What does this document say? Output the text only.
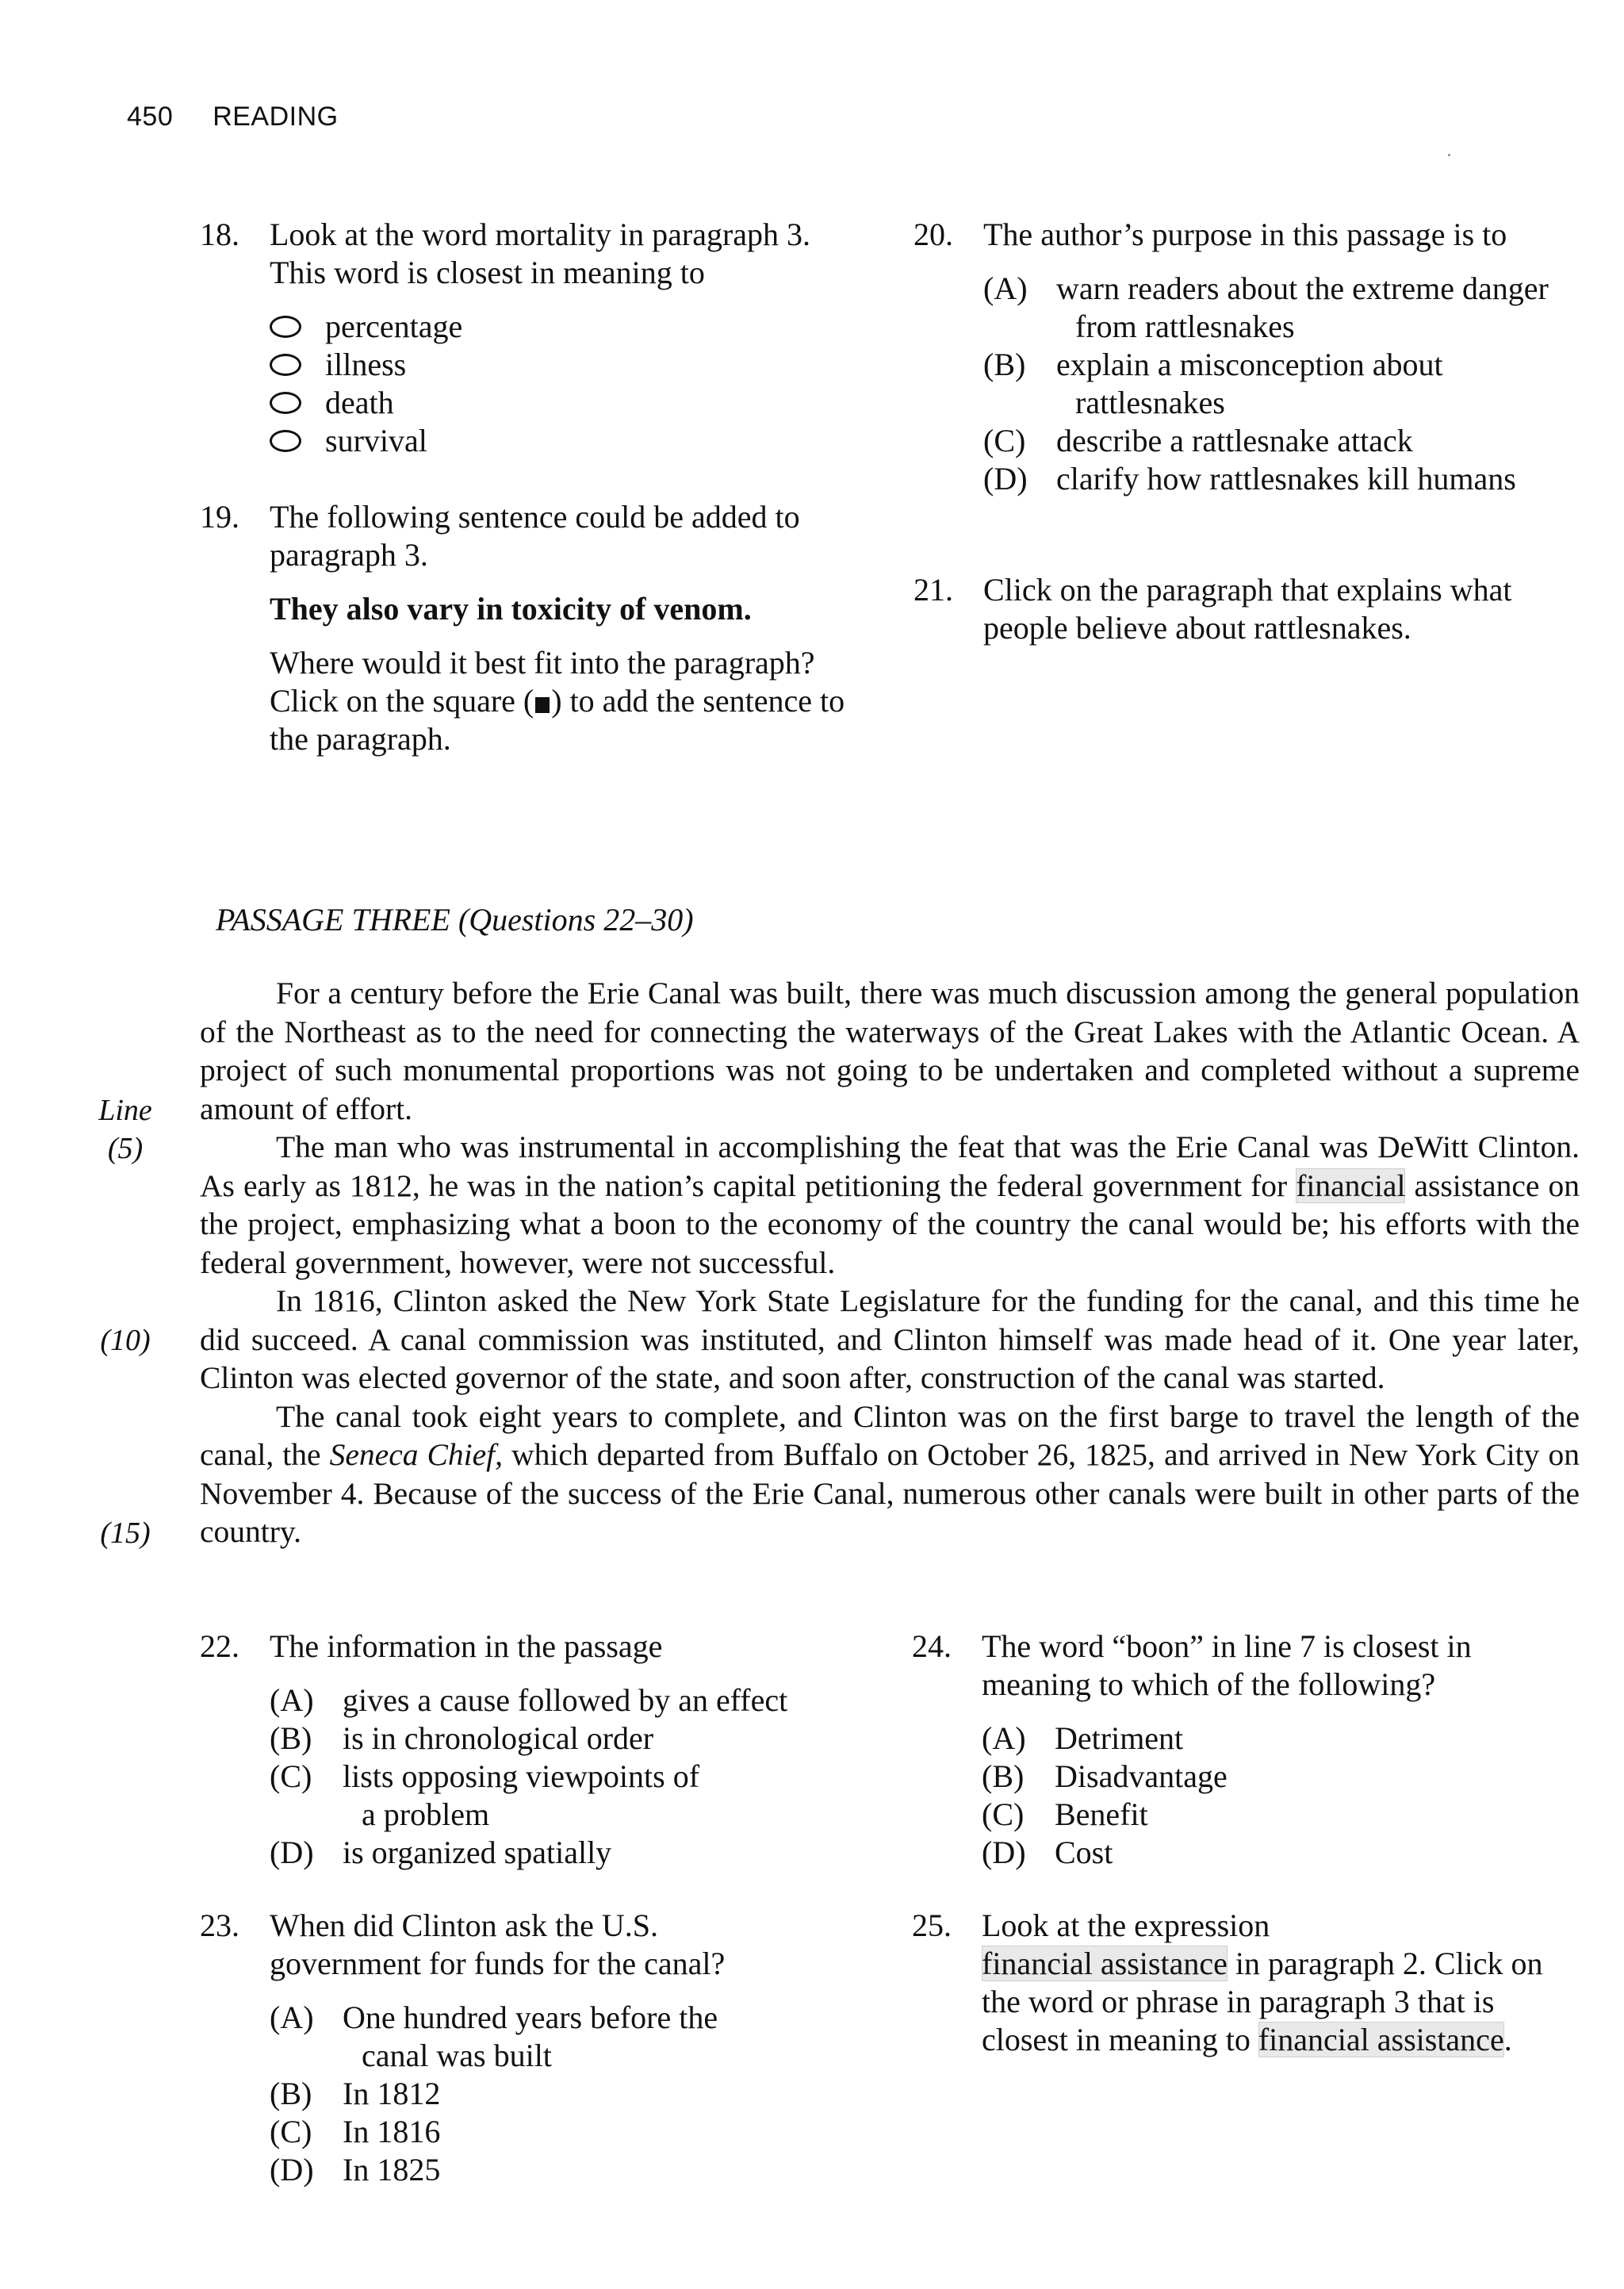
450 READING
18. Look at the word mortality in paragraph 3. This word is closest in meaning to
percentage
illness
death
survival
19. The following sentence could be added to paragraph 3.
They also vary in toxicity of venom.
Where would it best fit into the paragraph? Click on the square ( ) to add the sentence to the paragraph.
20. The author’s purpose in this passage is to
(A) warn readers about the extreme danger from rattlesnakes
(B) explain a misconception about rattlesnakes
(C) describe a rattlesnake attack
(D) clarify how rattlesnakes kill humans
21. Click on the paragraph that explains what people believe about rattlesnakes.
PASSAGE THREE (Questions 22–30)
Line
(5)
(10)
(15)

For a century before the Erie Canal was built, there was much discussion among the general population of the Northeast as to the need for connecting the waterways of the Great Lakes with the Atlantic Ocean. A project of such monumental proportions was not going to be undertaken and completed without a supreme amount of effort.

The man who was instrumental in accomplishing the feat that was the Erie Canal was DeWitt Clinton. As early as 1812, he was in the nation’s capital petitioning the federal government for financial assistance on the project, emphasizing what a boon to the economy of the country the canal would be; his efforts with the federal government, however, were not successful.

In 1816, Clinton asked the New York State Legislature for the funding for the canal, and this time he did succeed. A canal commission was instituted, and Clinton himself was made head of it. One year later, Clinton was elected governor of the state, and soon after, construction of the canal was started.

The canal took eight years to complete, and Clinton was on the first barge to travel the length of the canal, the Seneca Chief, which departed from Buffalo on October 26, 1825, and arrived in New York City on November 4. Because of the success of the Erie Canal, numerous other canals were built in other parts of the country.

22. The information in the passage
(A) gives a cause followed by an effect
(B) is in chronological order
(C) lists opposing viewpoints of a problem
(D) is organized spatially
23. When did Clinton ask the U.S. government for funds for the canal?
(A) One hundred years before the canal was built
(B) In 1812
(C) In 1816
(D) In 1825
24. The word “boon” in line 7 is closest in meaning to which of the following?
(A) Detriment
(B) Disadvantage
(C) Benefit
(D) Cost
25. Look at the expression
financial assistance in paragraph 2. Click on the word or phrase in paragraph 3 that is closest in meaning to financial assistance.
